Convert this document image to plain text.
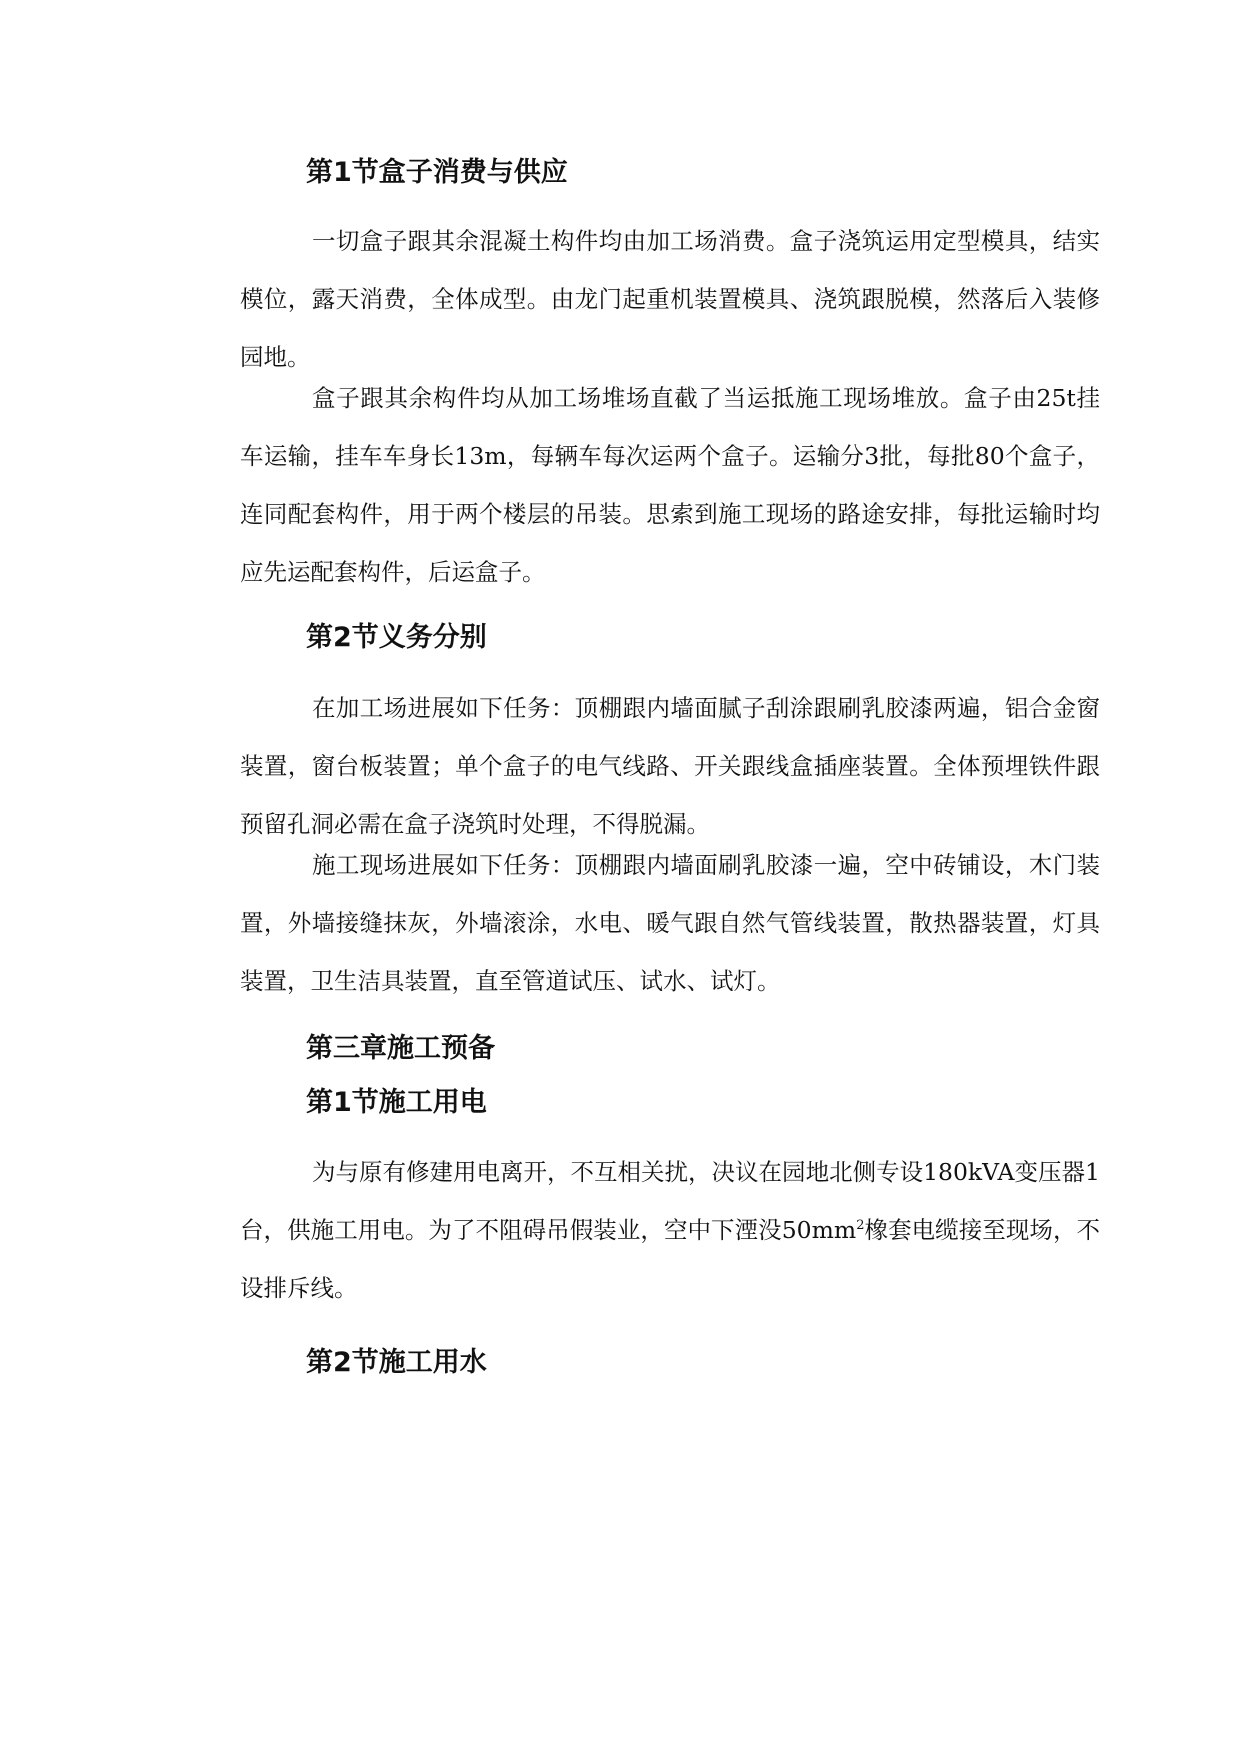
第1节盒子消费与供应

一切盒子跟其余混凝土构件均由加工场消费。盒子浇筑运用定型模具，结实模位，露天消费，全体成型。由龙门起重机装置模具、浇筑跟脱模，然落后入装修园地。

盒子跟其余构件均从加工场堆场直截了当运抵施工现场堆放。盒子由25t挂车运输，挂车车身长13m，每辆车每次运两个盒子。运输分3批，每批80个盒子，连同配套构件，用于两个楼层的吊装。思索到施工现场的路途安排，每批运输时均应先运配套构件，后运盒子。

第2节义务分别

在加工场进展如下任务：顶棚跟内墙面腻子刮涂跟刷乳胶漆两遍，铝合金窗装置，窗台板装置；单个盒子的电气线路、开关跟线盒插座装置。全体预埋铁件跟预留孔洞必需在盒子浇筑时处理，不得脱漏。

施工现场进展如下任务：顶棚跟内墙面刷乳胶漆一遍，空中砖铺设，木门装置，外墙接缝抹灰，外墙滚涂，水电、暖气跟自然气管线装置，散热器装置，灯具装置，卫生洁具装置，直至管道试压、试水、试灯。

第三章施工预备
第1节施工用电

为与原有修建用电离开，不互相关扰，决议在园地北侧专设180kVA变压器1台，供施工用电。为了不阻碍吊假装业，空中下湮没$50mm^2$橡套电缆接至现场，不设排斥线。

第2节施工用水
